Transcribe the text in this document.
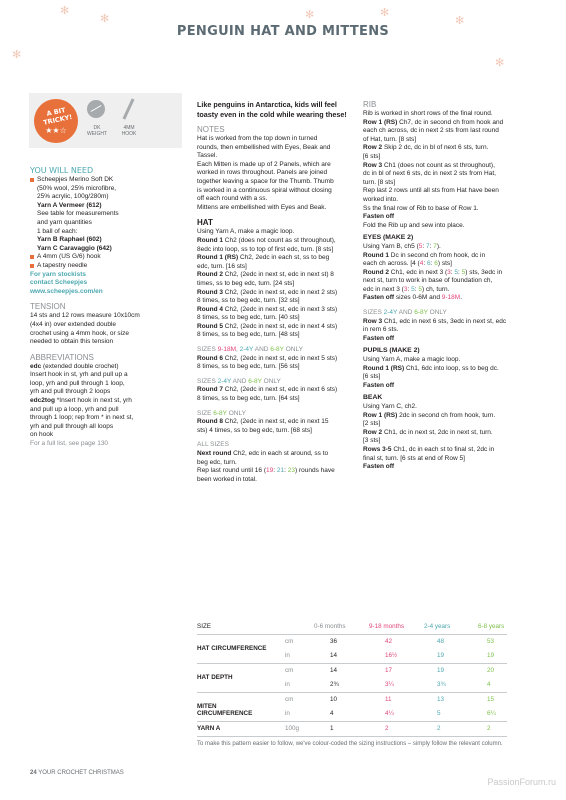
✻
✻
✻	✻
✻
✻
✻
PENGUIN HAT AND MITTENS
A BIT TRICKY!
★★☆	DK WEIGHT
4MM HOOK

YOU WILL NEED

Scheepjes Merino Soft DK
(50% wool, 25% microfibre,
25% acrylic, 100g/280m)
Yarn A Vermeer (612)
See table for measurements
and yarn quantities
1 ball of each:
Yarn B Raphael (602)
Yarn C Caravaggio (642)
A 4mm (US G/6) hook
A tapestry needle
For yarn stockists
contact Scheepjes
www.scheepjes.com/en

TENSION

14 sts and 12 rows measure 10x10cm
(4x4 in) over extended double
crochet using a 4mm hook, or size
needed to obtain this tension

ABBREVIATIONS

edc (extended double crochet)
Insert hook in st, yrh and pull up a
loop, yrh and pull through 1 loop,
yrh and pull through 2 loops
edc2tog *Insert hook in next st, yrh
and pull up a loop, yrh and pull
through 1 loop; rep from * in next st,
yrh and pull through all loops
on hook
For a full list, see page 130
Like penguins in Antarctica, kids will feel
toasty even in the cold while wearing these!

NOTES

Hat is worked from the top down in turned
rounds, then embellished with Eyes, Beak and
Tassel.
Each Mitten is made up of 2 Panels, which are
worked in rows throughout. Panels are joined
together leaving a space for the Thumb. Thumb
is worked in a continuous spiral without closing
off each round with a ss.
Mittens are embellished with Eyes and Beak.

HAT

Using Yarn A, make a magic loop.
Round 1 Ch2 (does not count as st throughout),
8edc into loop, ss to top of first edc, turn. [8 sts]
Round 1 (RS) Ch2, 2edc in each st, ss to beg
edc, turn. [16 sts]
Round 2 Ch2, (2edc in next st, edc in next st) 8
times, ss to beg edc, turn. [24 sts]
Round 3 Ch2, (2edc in next st, edc in next 2 sts)
8 times, ss to beg edc, turn. [32 sts]
Round 4 Ch2, (2edc in next st, edc in next 3 sts)
8 times, ss to beg edc, turn. [40 sts]
Round 5 Ch2, (2edc in next st, edc in next 4 sts)
8 times, ss to beg edc, turn. [48 sts]

SIZES 9-18M, 2-4Y AND 6-8Y ONLY

Round 6 Ch2, (2edc in next st, edc in next 5 sts)
8 times, ss to beg edc, turn. [56 sts]

SIZES 2-4Y AND 6-8Y ONLY

Round 7 Ch2, (2edc in next st, edc in next 6 sts)
8 times, ss to beg edc, turn. [64 sts]

SIZE 6-8Y ONLY

Round 8 Ch2, (2edc in next st, edc in next 15
sts) 4 times, ss to beg edc, turn. [68 sts]

ALL SIZES

Next round Ch2, edc in each st around, ss to
beg edc, turn.
Rep last round until 16 (19: 21: 23) rounds have
been worked in total.

RIB

Rib is worked in short rows of the final round.
Row 1 (RS) Ch7, dc in second ch from hook and
each ch across, dc in next 2 sts from last round
of Hat, turn. [8 sts]
Row 2 Skip 2 dc, dc in bl of next 6 sts, turn.
[6 sts]
Row 3 Ch1 (does not count as st throughout),
dc in bl of next 6 sts, dc in next 2 sts from Hat,
turn. [8 sts]
Rep last 2 rows until all sts from Hat have been
worked into.
Ss the final row of Rib to base of Row 1.
Fasten off
Fold the Rib up and sew into place.

EYES (MAKE 2)

Using Yarn B, ch5 (5: 7: 7).
Round 1 Dc in second ch from hook, dc in
each ch across. [4 (4: 6: 6) sts]
Round 2 Ch1, edc in next 3 (3: 5: 5) sts, 3edc in
next st, turn to work in base of foundation ch,
edc in next 3 (3: 5: 5) ch, turn.
Fasten off sizes 0-6M and 9-18M.

SIZES 2-4Y AND 6-8Y ONLY

Row 3 Ch1, edc in next 6 sts, 3edc in next st, edc
in rem 6 sts.
Fasten off

PUPILS (MAKE 2)

Using Yarn A, make a magic loop.
Round 1 (RS) Ch1, 6dc into loop, ss to beg dc.
[6 sts]
Fasten off

BEAK

Using Yarn C, ch2.
Row 1 (RS) 2dc in second ch from hook, turn.
[2 sts]
Row 2 Ch1, dc in next st, 2dc in next st, turn.
[3 sts]
Rows 3-5 Ch1, dc in each st to final st, 2dc in
final st, turn. [6 sts at end of Row 5]
Fasten off
SIZE	0-6 months	9-18 months	2-4 years	6-8 years
HAT CIRCUMFERENCE
cm	36	42	48	53
in	14	16½	19	19
HAT DEPTH
cm	14	17	19	20
in	2¾	3¼	3¾	4
MITEN
cm	10	11	13	15
CIRCUMFERENCE	in	4	4¼	5	6¼
YARN A	100g	1	2	2	2
To make this pattern easier to follow, we've colour-coded the sizing instructions – simply follow the relevant column.
24 YOUR CROCHET CHRISTMAS
PassionForum.ru
